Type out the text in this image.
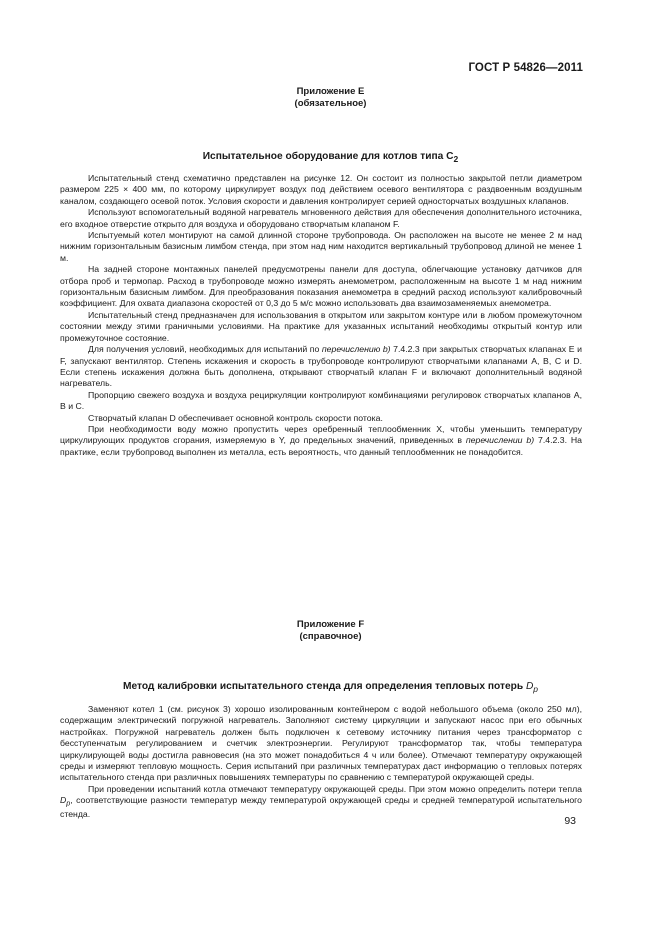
ГОСТ Р 54826—2011
Приложение Е
(обязательное)
Испытательное оборудование для котлов типа $С_2$

Испытательный стенд схематично представлен на рисунке 12. Он состоит из полностью закрытой петли диаметром размером 225 × 400 мм, по которому циркулирует воздух под действием осевого вентилятора с раздвоенным воздушным каналом, создающего осевой поток. Условия скорости и давления контролирует серией односторчатых воздушных клапанов.

Используют вспомогательный водяной нагреватель мгновенного действия для обеспечения дополнительного источника, его входное отверстие открыто для воздуха и оборудовано створчатым клапаном F.

Испытуемый котел монтируют на самой длинной стороне трубопровода. Он расположен на высоте не менее 2 м над нижним горизонтальным базисным лимбом стенда, при этом над ним находится вертикальный трубопровод длиной не менее 1 м.

На задней стороне монтажных панелей предусмотрены панели для доступа, облегчающие установку датчиков для отбора проб и термопар. Расход в трубопроводе можно измерять анемометром, расположенным на высоте 1 м над нижним горизонтальным базисным лимбом. Для преобразования показания анемометра в средний расход используют калибровочный коэффициент. Для охвата диапазона скоростей от 0,3 до 5 м/с можно использовать два взаимозаменяемых анемометра.

Испытательный стенд предназначен для использования в открытом или закрытом контуре или в любом промежуточном состоянии между этими граничными условиями. На практике для указанных испытаний необходимы открытый контур или промежуточное состояние.

Для получения условий, необходимых для испытаний по перечислению b) 7.4.2.3 при закрытых створчатых клапанах E и F, запускают вентилятор. Степень искажения и скорость в трубопроводе контролируют створчатыми клапанами А, В, С и D. Если степень искажения должна быть дополнена, открывают створчатый клапан F и включают дополнительный водяной нагреватель.

Пропорцию свежего воздуха и воздуха рециркуляции контролируют комбинациями регулировок створчатых клапанов А, В и С.

Створчатый клапан D обеспечивает основной контроль скорости потока.

При необходимости воду можно пропустить через оребренный теплообменник X, чтобы уменьшить температуру циркулирующих продуктов сгорания, измеряемую в Y, до предельных значений, приведенных в перечислении b) 7.4.2.3. На практике, если трубопровод выполнен из металла, есть вероятность, что данный теплообменник не понадобится.

Приложение F
(справочное)
Метод калибровки испытательного стенда для определения тепловых потерь $D_p$

Заменяют котел 1 (см. рисунок 3) хорошо изолированным контейнером с водой небольшого объема (около 250 мл), содержащим электрический погружной нагреватель. Заполняют систему циркуляции и запускают насос при его обычных настройках. Погружной нагреватель должен быть подключен к сетевому источнику питания через трансформатор с бесступенчатым регулированием и счетчик электроэнергии. Регулируют трансформатор так, чтобы температура циркулирующей воды достигла равновесия (на это может понадобиться 4 ч или более). Отмечают температуру окружающей среды и измеряют тепловую мощность. Серия испытаний при различных температурах даст информацию о тепловых потерях испытательного стенда при различных повышениях температуры по сравнению с температурой окружающей среды.

При проведении испытаний котла отмечают температуру окружающей среды. При этом можно определить потери тепла $D_p$, соответствующие разности температур между температурой окружающей среды и средней температурой испытательного стенда.

93
